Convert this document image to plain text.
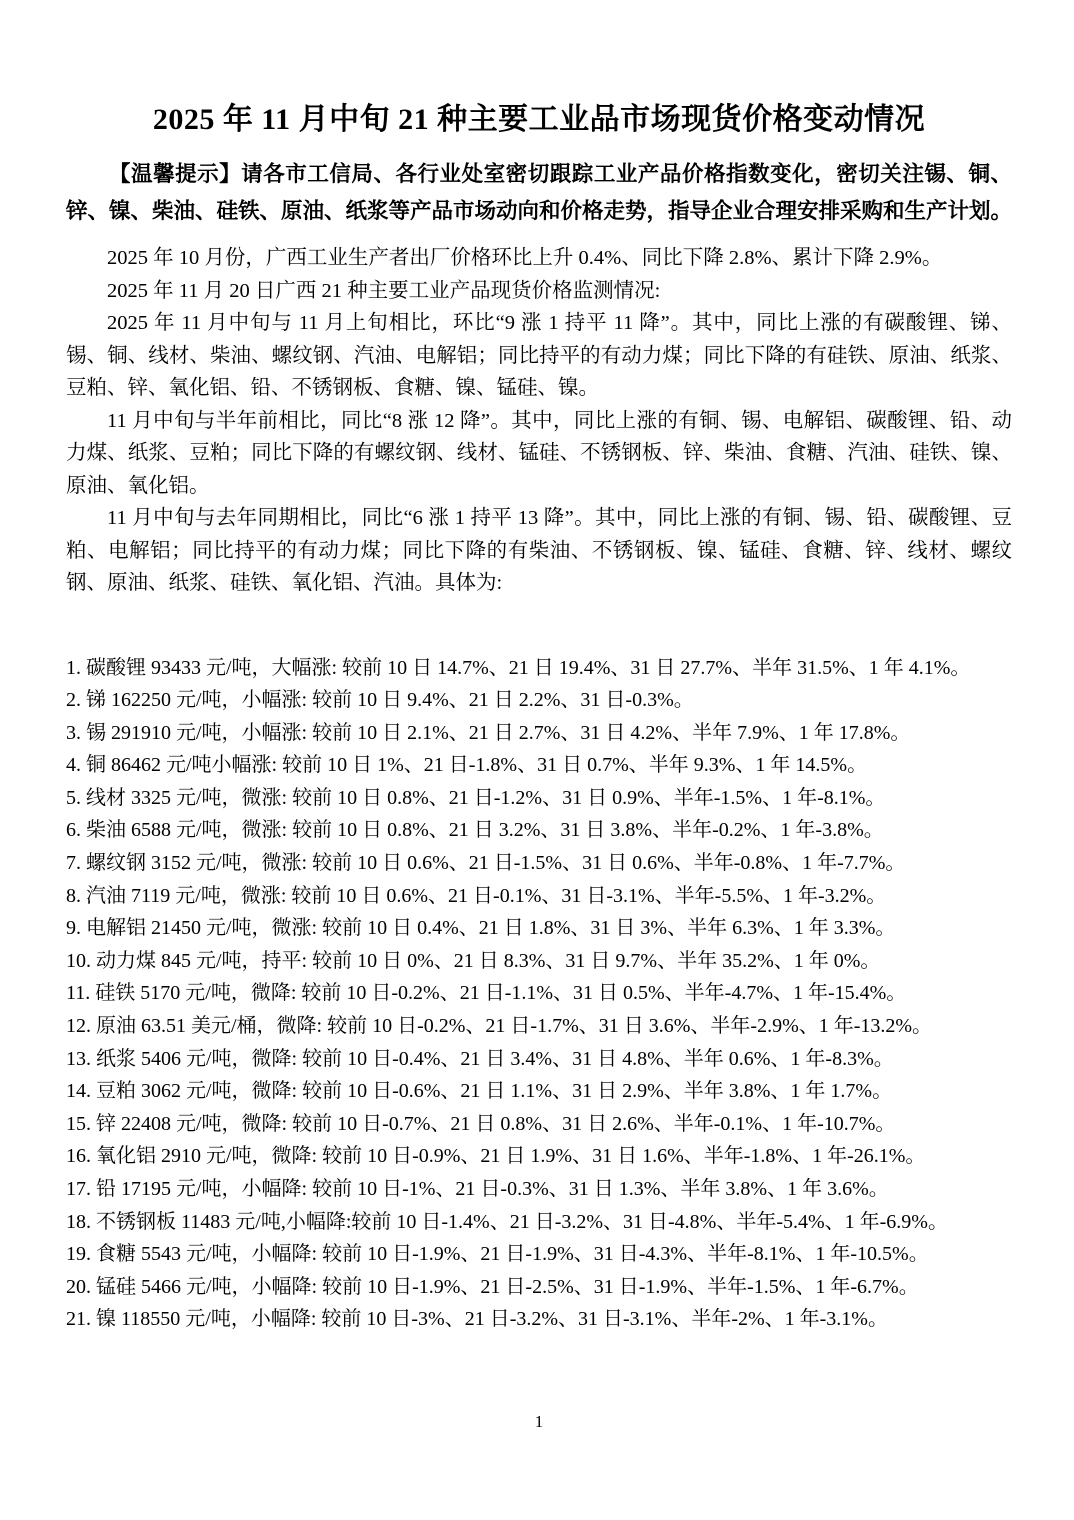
2025 年 11 月中旬 21 种主要工业品市场现货价格变动情况

【温馨提示】请各市工信局、各行业处室密切跟踪工业产品价格指数变化，密切关注锡、铜、锌、镍、柴油、硅铁、原油、纸浆等产品市场动向和价格走势，指导企业合理安排采购和生产计划。

2025 年 10 月份，广西工业生产者出厂价格环比上升 0.4%、同比下降 2.8%、累计下降 2.9%。

2025 年 11 月 20 日广西 21 种主要工业产品现货价格监测情况:

2025 年 11 月中旬与 11 月上旬相比，环比“9 涨 1 持平 11 降”。其中，同比上涨的有碳酸锂、锑、锡、铜、线材、柴油、螺纹钢、汽油、电解铝；同比持平的有动力煤；同比下降的有硅铁、原油、纸浆、豆粕、锌、氧化铝、铅、不锈钢板、食糖、镍、锰硅、镍。

11 月中旬与半年前相比，同比“8 涨 12 降”。其中，同比上涨的有铜、锡、电解铝、碳酸锂、铅、动力煤、纸浆、豆粕；同比下降的有螺纹钢、线材、锰硅、不锈钢板、锌、柴油、食糖、汽油、硅铁、镍、原油、氧化铝。

11 月中旬与去年同期相比，同比“6 涨 1 持平 13 降”。其中，同比上涨的有铜、锡、铅、碳酸锂、豆粕、电解铝；同比持平的有动力煤；同比下降的有柴油、不锈钢板、镍、锰硅、食糖、锌、线材、螺纹钢、原油、纸浆、硅铁、氧化铝、汽油。具体为:

1. 碳酸锂 93433 元/吨，大幅涨: 较前 10 日 14.7%、21 日 19.4%、31 日 27.7%、半年 31.5%、1 年 4.1%。

2. 锑 162250 元/吨，小幅涨: 较前 10 日 9.4%、21 日 2.2%、31 日-0.3%。

3. 锡 291910 元/吨，小幅涨: 较前 10 日 2.1%、21 日 2.7%、31 日 4.2%、半年 7.9%、1 年 17.8%。

4. 铜 86462 元/吨小幅涨: 较前 10 日 1%、21 日-1.8%、31 日 0.7%、半年 9.3%、1 年 14.5%。

5. 线材 3325 元/吨，微涨: 较前 10 日 0.8%、21 日-1.2%、31 日 0.9%、半年-1.5%、1 年-8.1%。

6. 柴油 6588 元/吨，微涨: 较前 10 日 0.8%、21 日 3.2%、31 日 3.8%、半年-0.2%、1 年-3.8%。

7. 螺纹钢 3152 元/吨，微涨: 较前 10 日 0.6%、21 日-1.5%、31 日 0.6%、半年-0.8%、1 年-7.7%。

8. 汽油 7119 元/吨，微涨: 较前 10 日 0.6%、21 日-0.1%、31 日-3.1%、半年-5.5%、1 年-3.2%。

9. 电解铝 21450 元/吨，微涨: 较前 10 日 0.4%、21 日 1.8%、31 日 3%、半年 6.3%、1 年 3.3%。

10. 动力煤 845 元/吨，持平: 较前 10 日 0%、21 日 8.3%、31 日 9.7%、半年 35.2%、1 年 0%。

11. 硅铁 5170 元/吨，微降: 较前 10 日-0.2%、21 日-1.1%、31 日 0.5%、半年-4.7%、1 年-15.4%。

12. 原油 63.51 美元/桶，微降: 较前 10 日-0.2%、21 日-1.7%、31 日 3.6%、半年-2.9%、1 年-13.2%。

13. 纸浆 5406 元/吨，微降: 较前 10 日-0.4%、21 日 3.4%、31 日 4.8%、半年 0.6%、1 年-8.3%。

14. 豆粕 3062 元/吨，微降: 较前 10 日-0.6%、21 日 1.1%、31 日 2.9%、半年 3.8%、1 年 1.7%。

15. 锌 22408 元/吨，微降: 较前 10 日-0.7%、21 日 0.8%、31 日 2.6%、半年-0.1%、1 年-10.7%。

16. 氧化铝 2910 元/吨，微降: 较前 10 日-0.9%、21 日 1.9%、31 日 1.6%、半年-1.8%、1 年-26.1%。

17. 铅 17195 元/吨，小幅降: 较前 10 日-1%、21 日-0.3%、31 日 1.3%、半年 3.8%、1 年 3.6%。

18. 不锈钢板 11483 元/吨,小幅降:较前 10 日-1.4%、21 日-3.2%、31 日-4.8%、半年-5.4%、1 年-6.9%。

19. 食糖 5543 元/吨，小幅降: 较前 10 日-1.9%、21 日-1.9%、31 日-4.3%、半年-8.1%、1 年-10.5%。

20. 锰硅 5466 元/吨，小幅降: 较前 10 日-1.9%、21 日-2.5%、31 日-1.9%、半年-1.5%、1 年-6.7%。

21. 镍 118550 元/吨，小幅降: 较前 10 日-3%、21 日-3.2%、31 日-3.1%、半年-2%、1 年-3.1%。

1
